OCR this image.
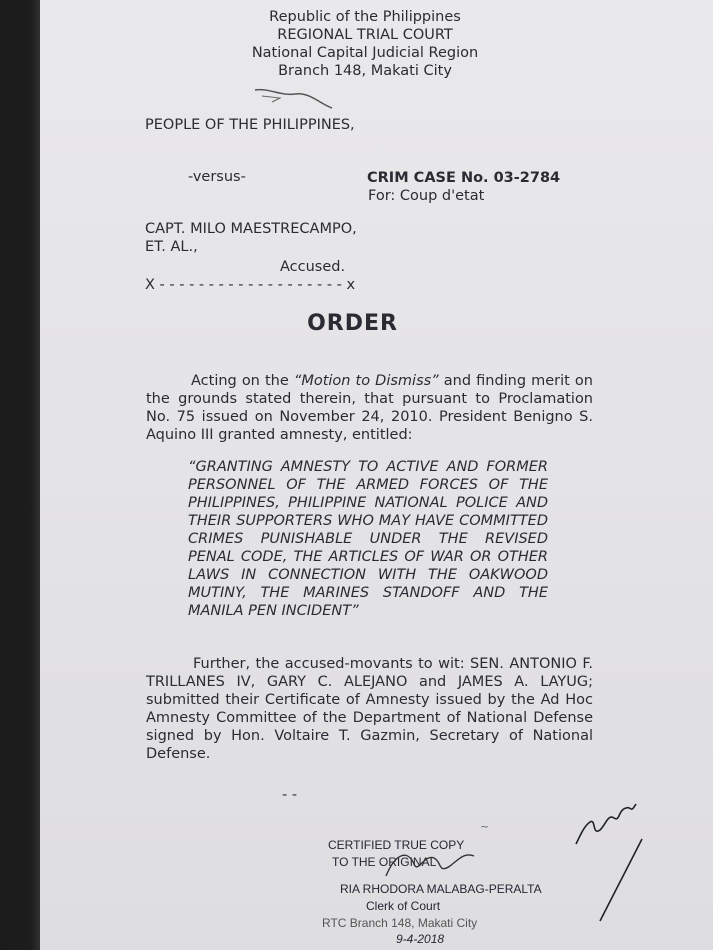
Republic of the Philippines
REGIONAL TRIAL COURT
National Capital Judicial Region
Branch 148, Makati City
PEOPLE OF THE PHILIPPINES,
-versus-	CRIM CASE No. 03-2784
For: Coup d'etat
CAPT. MILO MAESTRECAMPO,
ET. AL.,
Accused.
X - - - - - - - - - - - - - - - - - - - x
ORDER
Acting on the “Motion to Dismiss” and finding merit on the grounds stated therein, that pursuant to Proclamation No. 75 issued on November 24, 2010. President Benigno S. Aquino III granted amnesty, entitled:
“GRANTING AMNESTY TO ACTIVE AND FORMER PERSONNEL OF THE ARMED FORCES OF THE PHILIPPINES, PHILIPPINE NATIONAL POLICE AND THEIR SUPPORTERS WHO MAY HAVE COMMITTED CRIMES PUNISHABLE UNDER THE REVISED PENAL CODE, THE ARTICLES OF WAR OR OTHER LAWS IN CONNECTION WITH THE OAKWOOD MUTINY, THE MARINES STANDOFF AND THE MANILA PEN INCIDENT”
Further, the accused-movants to wit: SEN. ANTONIO F. TRILLANES IV, GARY C. ALEJANO and JAMES A. LAYUG; submitted their Certificate of Amnesty issued by the Ad Hoc Amnesty Committee of the Department of National Defense signed by Hon. Voltaire T. Gazmin, Secretary of National Defense.
- -
CERTIFIED TRUE COPY
TO THE ORIGINAL
RIA RHODORA MALABAG-PERALTA
Clerk of Court
RTC Branch 148, Makati City
9-4-2018
~
